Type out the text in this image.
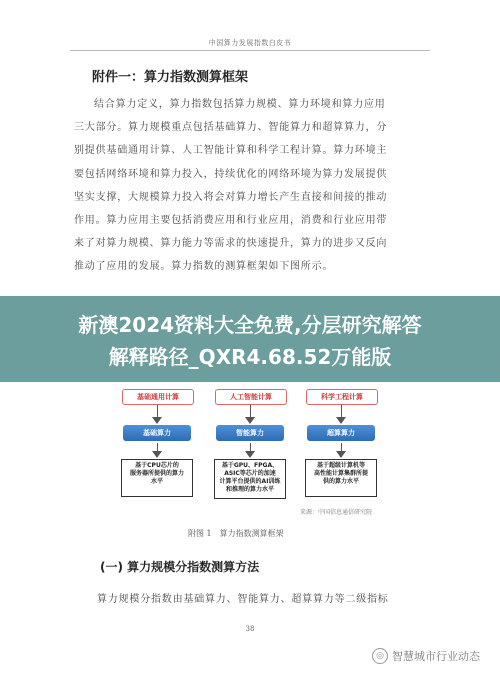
中国算力发展指数白皮书
附件一：算力指数测算框架

结合算力定义，算力指数包括算力规模、算力环境和算力应用

三大部分。算力规模重点包括基础算力、智能算力和超算算力，分

别提供基础通用计算、人工智能计算和科学工程计算。算力环境主

要包括网络环境和算力投入，持续优化的网络环境为算力发展提供

坚实支撑，大规模算力投入将会对算力增长产生直接和间接的推动

作用。算力应用主要包括消费应用和行业应用，消费和行业应用带

来了对算力规模、算力能力等需求的快速提升，算力的进步又反向

推动了应用的发展。算力指数的测算框架如下图所示。

新澳2024资料大全免费,分层研究解答
解释路径_QXR4.68.52万能版
基础通用计算
基础算力
基于CPU芯片的
服务器所提供的算力
水平
人工智能计算
智能算力
基于GPU、FPGA、
ASIC等芯片的加速
计算平台提供的AI训练
和推理的算力水平
科学工程计算
超算算力
基于超级计算机等
高性能计算集群所提
供的算力水平
来源：中国信息通信研究院
附图 1　算力指数测算框架
(一) 算力规模分指数测算方法
算力规模分指数由基础算力、智能算力、超算算力等二级指标
38
◎ 智慧城市行业动态
